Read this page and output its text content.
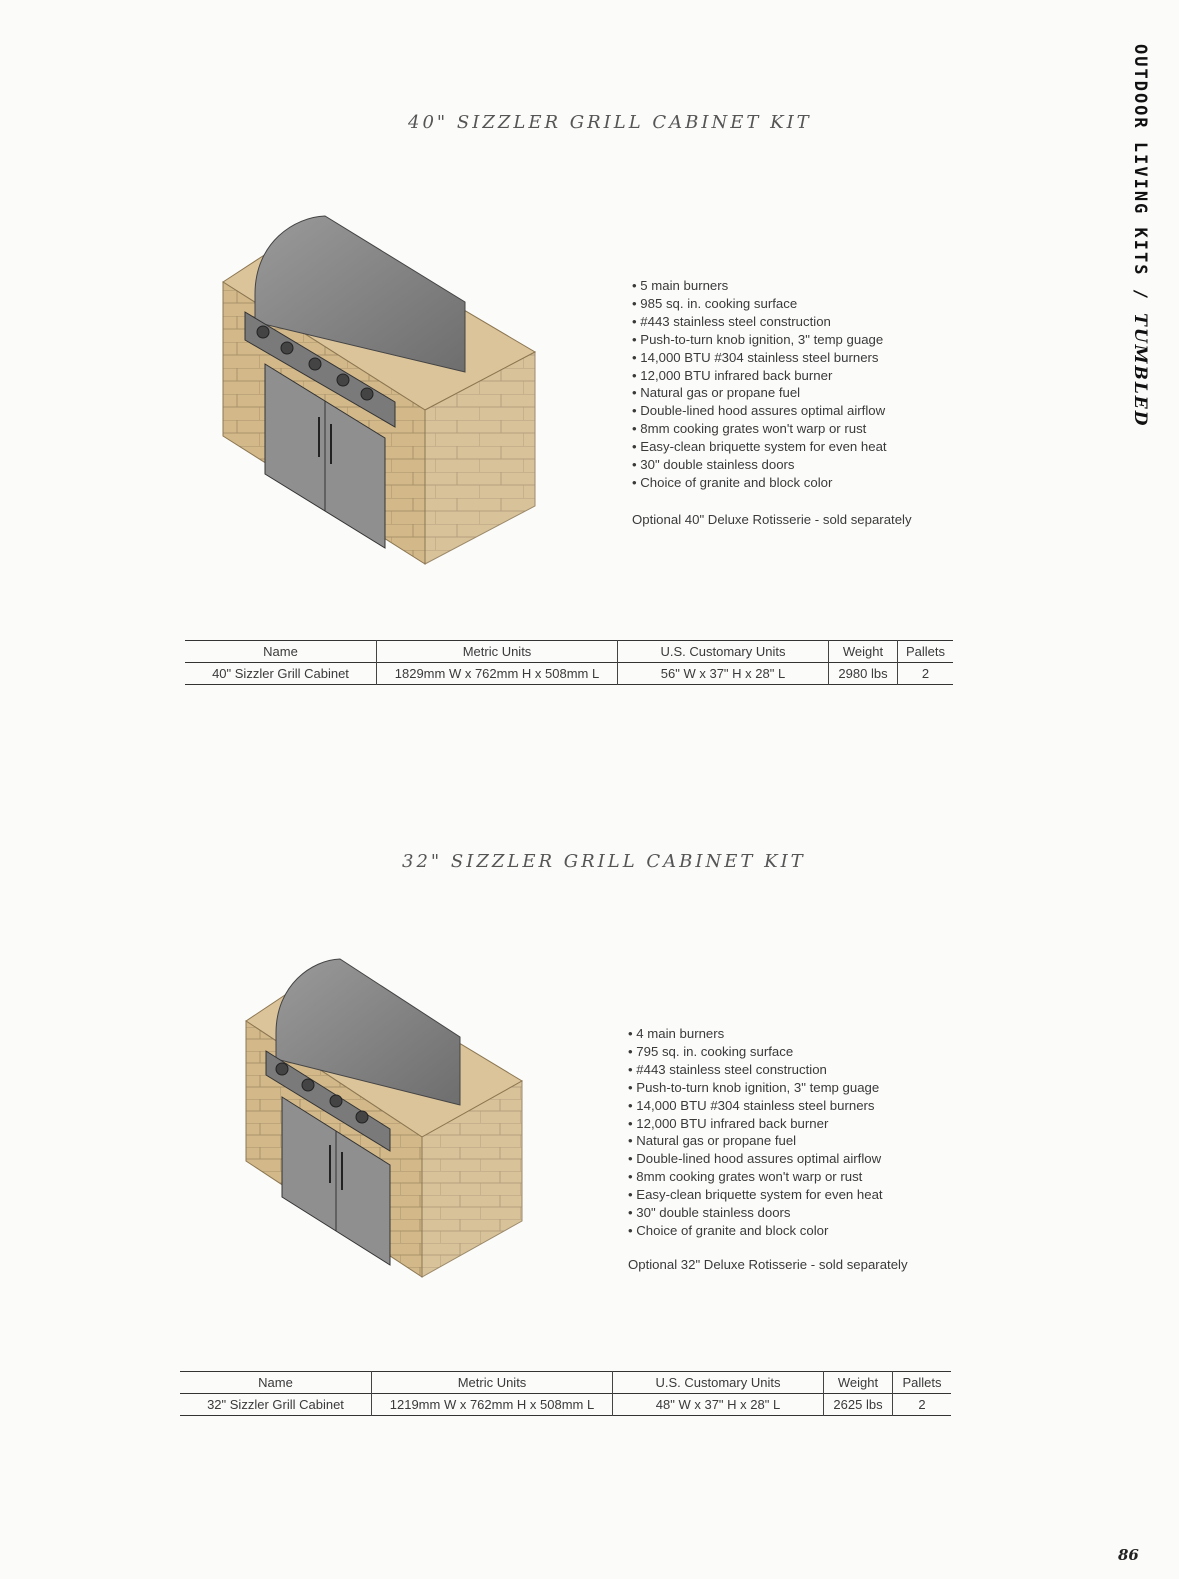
OUTDOOR LIVING KITS / TUMBLED
40" SIZZLER GRILL CABINET KIT
• 5 main burners
• 985 sq. in. cooking surface
• #443 stainless steel construction
• Push-to-turn knob ignition, 3" temp guage
• 14,000 BTU #304 stainless steel burners
• 12,000 BTU infrared back burner
• Natural gas or propane fuel
• Double-lined hood assures optimal airflow
• 8mm cooking grates won't warp or rust
• Easy-clean briquette system for even heat
• 30" double stainless doors
• Choice of granite and block color
Optional 40" Deluxe Rotisserie - sold separately
Name	Metric Units	U.S. Customary Units	Weight	Pallets
40" Sizzler Grill Cabinet	1829mm W x 762mm H x 508mm L	56" W x 37" H x 28" L	2980 lbs	2
32" SIZZLER GRILL CABINET KIT
• 4 main burners
• 795 sq. in. cooking surface
• #443 stainless steel construction
• Push-to-turn knob ignition, 3" temp guage
• 14,000 BTU #304 stainless steel burners
• 12,000 BTU infrared back burner
• Natural gas or propane fuel
• Double-lined hood assures optimal airflow
• 8mm cooking grates won't warp or rust
• Easy-clean briquette system for even heat
• 30" double stainless doors
• Choice of granite and block color
Optional 32" Deluxe Rotisserie - sold separately
Name	Metric Units	U.S. Customary Units	Weight	Pallets
32" Sizzler Grill Cabinet	1219mm W x 762mm H x 508mm L	48" W x 37" H x 28" L	2625 lbs	2
86
